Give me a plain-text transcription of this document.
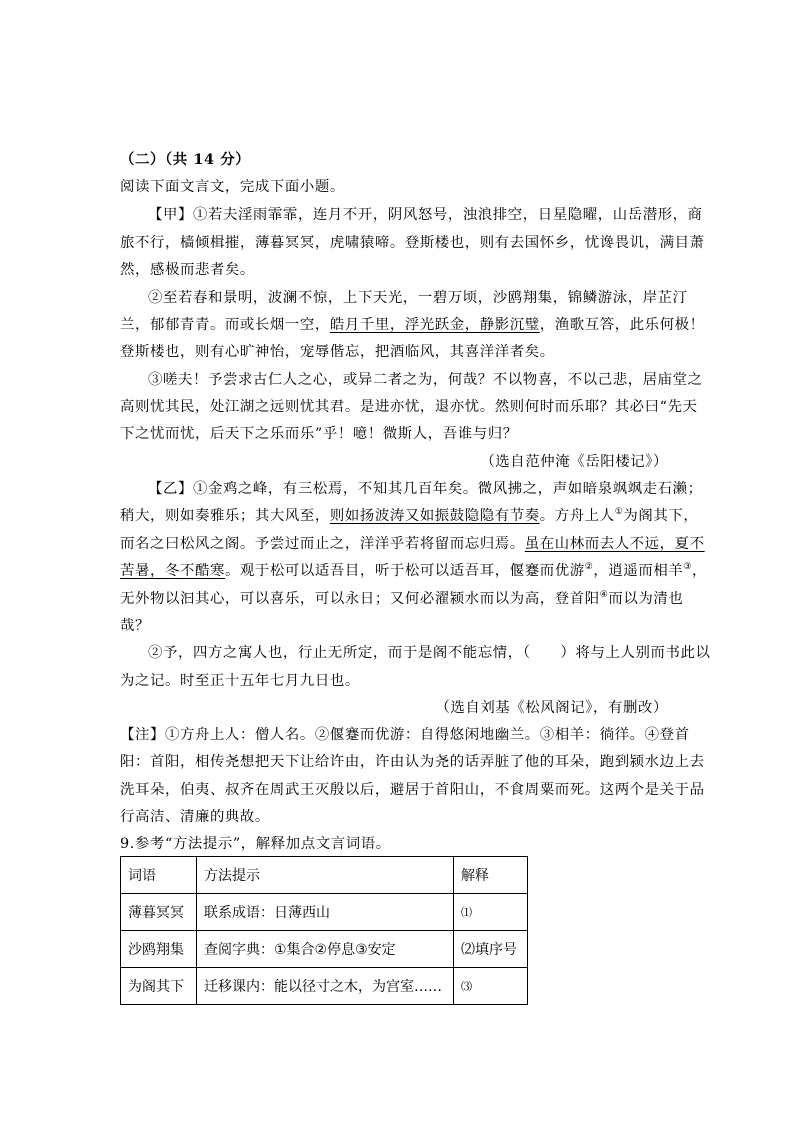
（二）（共 14 分）
阅读下面文言文，完成下面小题。
【甲】①若夫淫雨霏霏，连月不开，阴风怒号，浊浪排空，日星隐曜，山岳潜形，商
旅不行，樯倾楫摧，薄暮冥冥，虎啸猿啼。登斯楼也，则有去国怀乡，忧谗畏讥，满目萧
然，感极而悲者矣。
②至若春和景明，波澜不惊，上下天光，一碧万顷，沙鸥翔集，锦鳞游泳，岸芷汀
兰，郁郁青青。而或长烟一空，皓月千里，浮光跃金，静影沉璧，渔歌互答，此乐何极！
登斯楼也，则有心旷神怡，宠辱偕忘，把酒临风，其喜洋洋者矣。
③嗟夫！予尝求古仁人之心，或异二者之为，何哉？不以物喜，不以己悲，居庙堂之
高则忧其民，处江湖之远则忧其君。是进亦忧，退亦忧。然则何时而乐耶？其必曰“先天
下之忧而忧，后天下之乐而乐”乎！噫！微斯人，吾谁与归？
（选自范仲淹《岳阳楼记》）
【乙】①金鸡之峰，有三松焉，不知其几百年矣。微风拂之，声如暗泉飒飒走石濑；
稍大，则如奏雅乐；其大风至，则如扬波涛又如振鼓隐隐有节奏。方舟上人①为阁其下，
而名之曰松风之阁。予尝过而止之，洋洋乎若将留而忘归焉。虽在山林而去人不远，夏不
苦暑，冬不酷寒。观于松可以适吾目，听于松可以适吾耳，偃蹇而优游②，逍遥而相羊③，
无外物以汩其心，可以喜乐，可以永日；又何必濯颍水而以为高，登首阳④而以为清也
哉？
②予，四方之寓人也，行止无所定，而于是阁不能忘情，（　　）将与上人别而书此以
为之记。时至正十五年七月九日也。
（选自刘基《松风阁记》，有删改）
【注】①方舟上人：僧人名。②偃蹇而优游：自得悠闲地幽兰。③相羊：徜徉。④登首
阳：首阳，相传尧想把天下让给许由，许由认为尧的话弄脏了他的耳朵，跑到颍水边上去
洗耳朵，伯夷、叔齐在周武王灭殷以后，避居于首阳山，不食周粟而死。这两个是关于品
行高洁、清廉的典故。
9.参考“方法提示”，解释加点文言词语。
词语	方法提示	解释
薄暮冥冥	联系成语：日薄西山	⑴
沙鸥翔集	查阅字典：①集合②停息③安定	⑵填序号
为阁其下	迁移课内：能以径寸之木，为宫室……	⑶
